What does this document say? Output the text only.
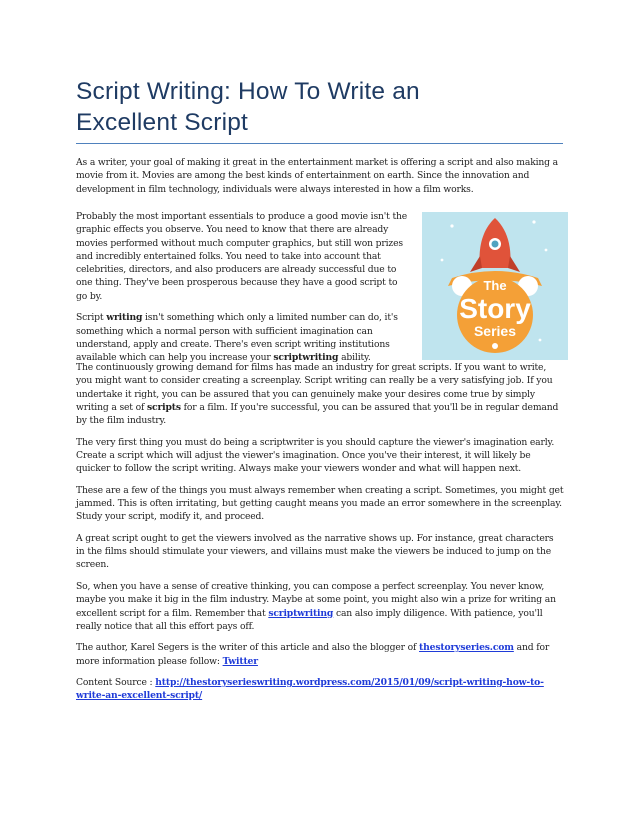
Script Writing: How To Write an
Excellent Script

As a writer, your goal of making it great in the entertainment market is offering a script and also making a movie from it. Movies are among the best kinds of entertainment on earth. Since the innovation and development in film technology, individuals were always interested in how a film works.

Probably the most important essentials to produce a good movie isn't the graphic effects you observe. You need to know that there are already movies performed without much computer graphics, but still won prizes and incredibly entertained folks. You need to take into account that celebrities, directors, and also producers are already successful due to one thing. They've been prosperous because they have a good script to go by.

Script writing isn't something which only a limited number can do, it's something which a normal person with sufficient imagination can understand, apply and create. There's even script writing institutions available which can help you increase your scriptwriting ability.

The continuously growing demand for films has made an industry for great scripts. If you want to write, you might want to consider creating a screenplay. Script writing can really be a very satisfying job. If you undertake it right, you can be assured that you can genuinely make your desires come true by simply writing a set of scripts for a film. If you're successful, you can be assured that you'll be in regular demand by the film industry.

The very first thing you must do being a scriptwriter is you should capture the viewer's imagination early. Create a script which will adjust the viewer's imagination. Once you've their interest, it will likely be quicker to follow the script writing. Always make your viewers wonder and what will happen next.

These are a few of the things you must always remember when creating a script. Sometimes, you might get jammed. This is often irritating, but getting caught means you made an error somewhere in the screenplay. Study your script, modify it, and proceed.

A great script ought to get the viewers involved as the narrative shows up. For instance, great characters in the films should stimulate your viewers, and villains must make the viewers be induced to jump on the screen.

So, when you have a sense of creative thinking, you can compose a perfect screenplay. You never know, maybe you make it big in the film industry. Maybe at some point, you might also win a prize for writing an excellent script for a film. Remember that scriptwriting can also imply diligence. With patience, you'll really notice that all this effort pays off.

The author, Karel Segers is the writer of this article and also the blogger of thestoryseries.com and for more information please follow: Twitter

Content Source : http://thestoryserieswriting.wordpress.com/2015/01/09/script-writing-how-to-write-an-excellent-script/

The
Story
Series
